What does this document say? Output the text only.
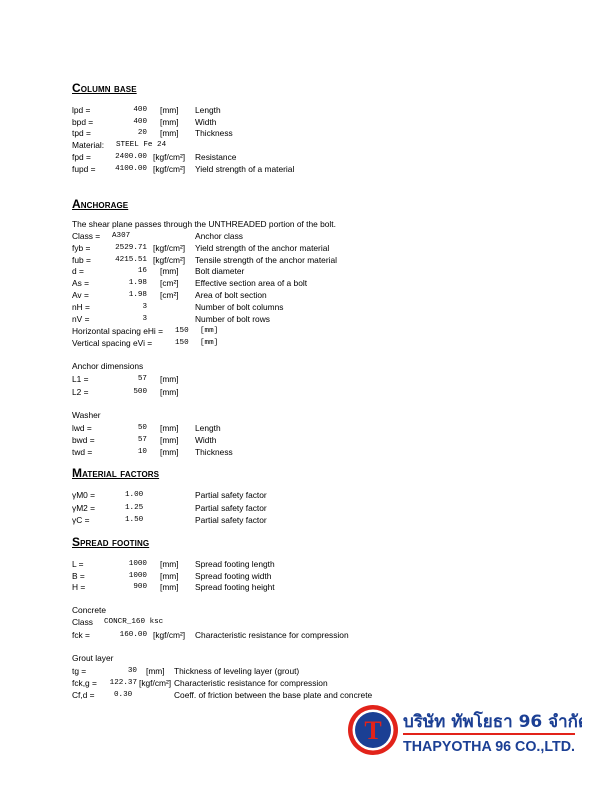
Column base
lpd =	400 [mm] Length
bpd =	400 [mm] Width
tpd =	20 [mm] Thickness
Material: STEEL Fe 24
fpd =	2400.00 [kgf/cm²] Resistance
fupd =	4100.00 [kgf/cm²] Yield strength of a material
Anchorage
The shear plane passes through the UNTHREADED portion of the bolt.
Class = A307	Anchor class
fyb =	2529.71 [kgf/cm²] Yield strength of the anchor material
fub =	4215.51 [kgf/cm²] Tensile strength of the anchor material
d =	16 [mm] Bolt diameter
As =	1.98 [cm²] Effective section area of a bolt
Av =	1.98 [cm²] Area of bolt section
nH =	3	Number of bolt columns
nV =	3	Number of bolt rows
Horizontal spacing eHi = 150 [mm]
Vertical spacing eVi =	150 [mm]
Anchor dimensions
L1 =	57 [mm]
L2 =	500 [mm]
Washer
lwd =	50 [mm] Length
bwd =	57 [mm] Width
twd =	10 [mm] Thickness
Material factors
γM0 =	1.00	Partial safety factor
γM2 =	1.25	Partial safety factor
γC =	1.50	Partial safety factor
Spread footing
L =	1000 [mm] Spread footing length
B =	1000 [mm] Spread footing width
H =	900 [mm] Spread footing height
Concrete
Class CONCR_160 ksc
fck =	160.00 [kgf/cm²] Characteristic resistance for compression
Grout layer
tg =	30 [mm] Thickness of leveling layer (grout)
fck,g =	122.37 [kgf/cm²] Characteristic resistance for compression
Cf,d =	0.30	Coeff. of friction between the base plate and concrete
T บริษัท ทัพโยธา 96 จำกัด
THAPYOTHA 96 CO.,LTD.
